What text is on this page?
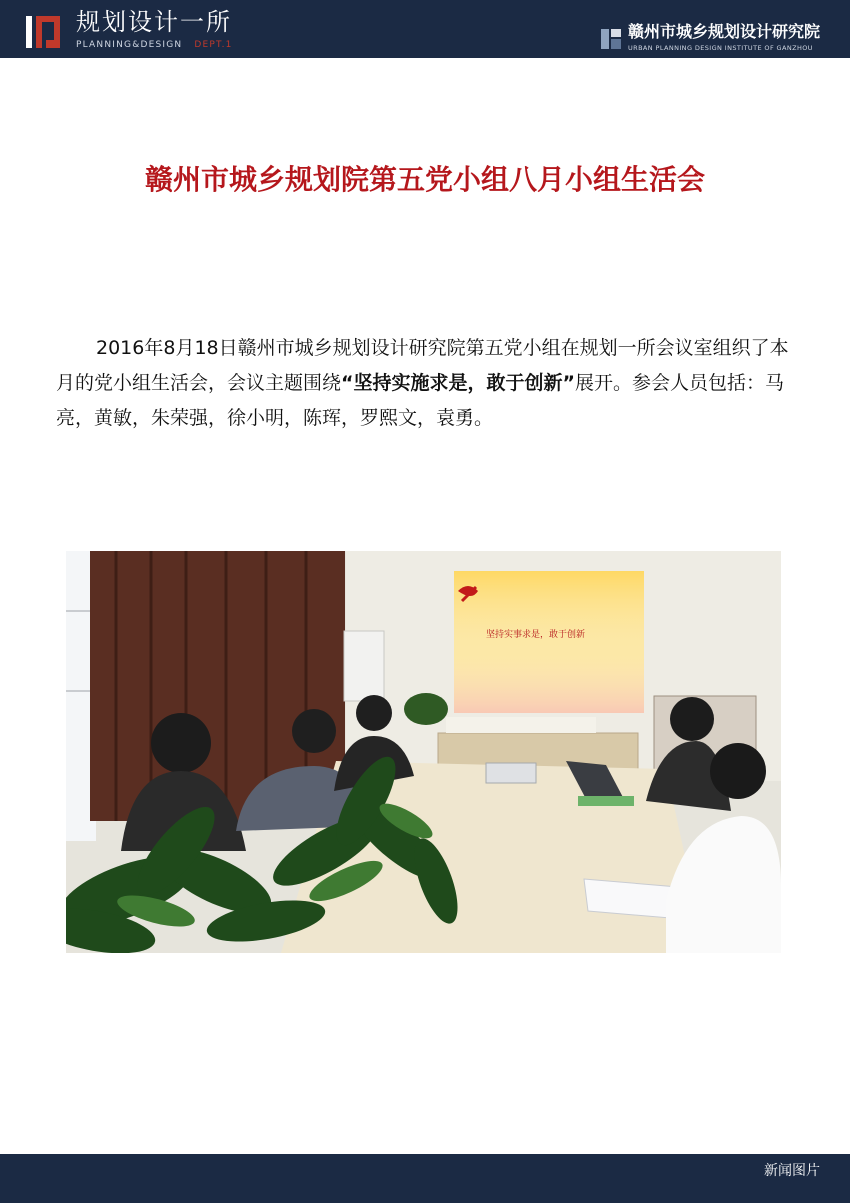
规划设计一所
PLANNING&DESIGN DEPT.1
赣州市城乡规划设计研究院
URBAN PLANNING DESIGN INSTITUTE OF GANZHOU
赣州市城乡规划院第五党小组八月小组生活会

2016年8月18日赣州市城乡规划设计研究院第五党小组在规划一所会议室组织了本月的党小组生活会，会议主题围绕“坚持实施求是，敢于创新”展开。参会人员包括：马亮，黄敏，朱荣强，徐小明，陈珲，罗熙文，袁勇。

坚持实事求是，敢于创新
新闻图片
